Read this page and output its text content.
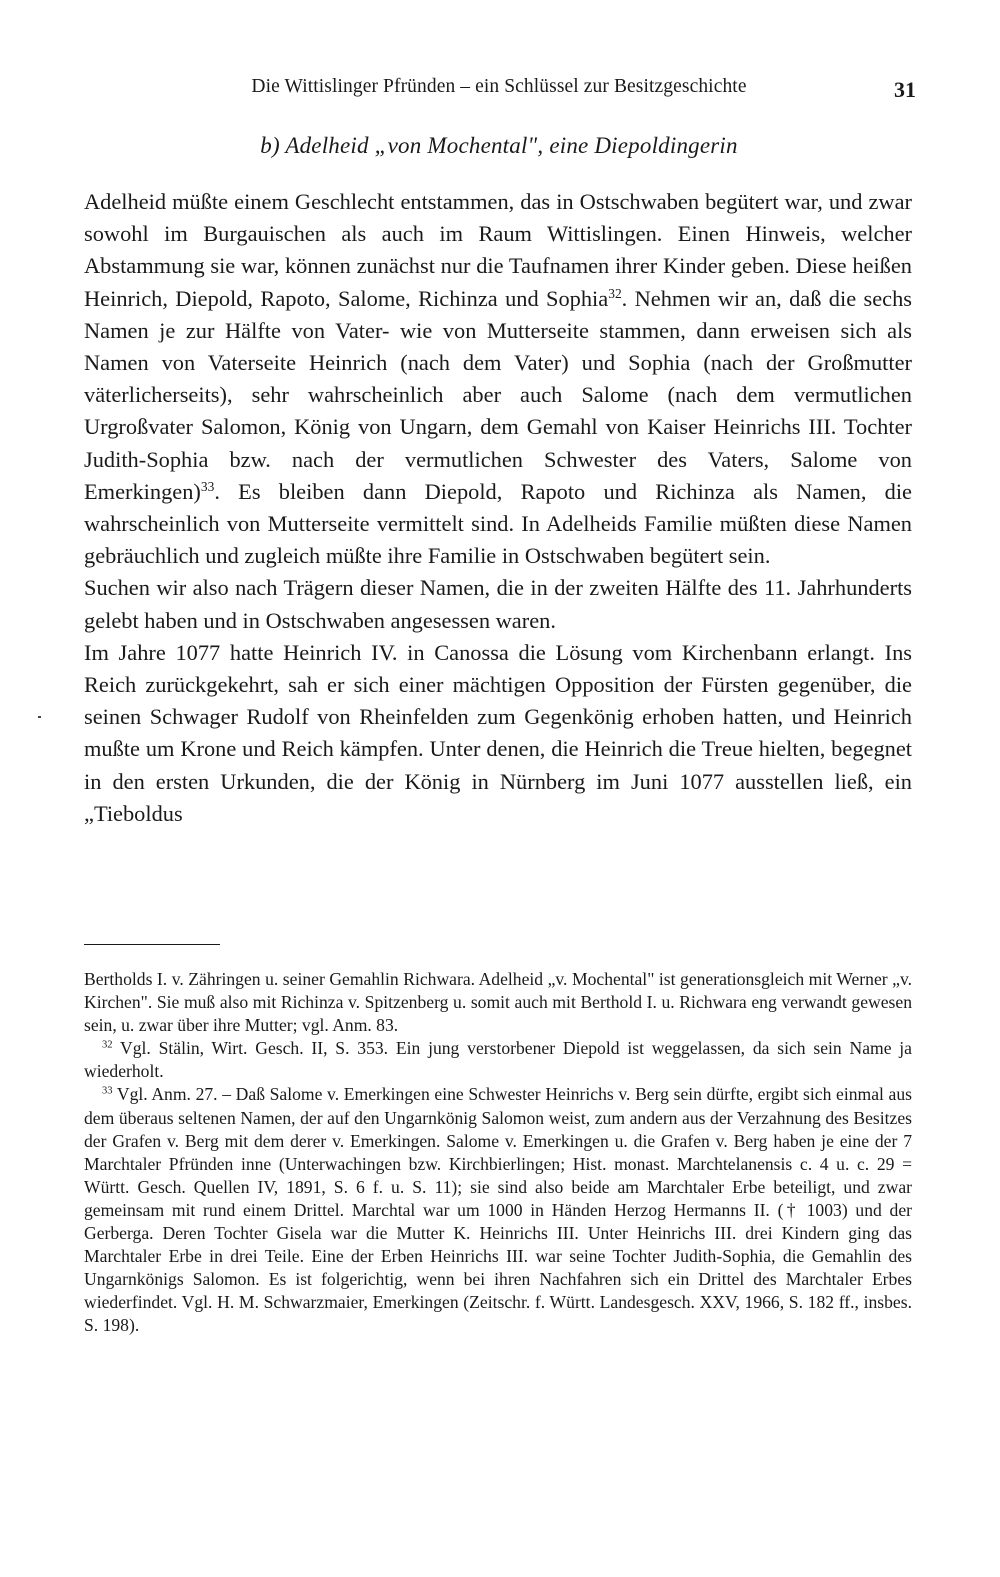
Die Wittislinger Pfründen – ein Schlüssel zur Besitzgeschichte	31
b) Adelheid „von Mochental", eine Diepoldingerin

Adelheid müßte einem Geschlecht entstammen, das in Ostschwaben begütert war, und zwar sowohl im Burgauischen als auch im Raum Wittislingen. Einen Hinweis, welcher Abstammung sie war, können zunächst nur die Taufnamen ihrer Kinder geben. Diese heißen Heinrich, Diepold, Rapoto, Salome, Richinza und Sophia$^{32}$. Nehmen wir an, daß die sechs Namen je zur Hälfte von Vater- wie von Mutterseite stammen, dann erweisen sich als Namen von Vaterseite Heinrich (nach dem Vater) und Sophia (nach der Großmutter väterlicherseits), sehr wahrscheinlich aber auch Salome (nach dem vermutlichen Urgroßvater Salomon, König von Ungarn, dem Gemahl von Kaiser Heinrichs III. Tochter Judith-Sophia bzw. nach der vermutlichen Schwester des Vaters, Salome von Emerkingen)$^{33}$. Es bleiben dann Diepold, Rapoto und Richinza als Namen, die wahrscheinlich von Mutterseite vermittelt sind. In Adelheids Familie müßten diese Namen gebräuchlich und zugleich müßte ihre Familie in Ostschwaben begütert sein.

Suchen wir also nach Trägern dieser Namen, die in der zweiten Hälfte des 11. Jahrhunderts gelebt haben und in Ostschwaben angesessen waren.

Im Jahre 1077 hatte Heinrich IV. in Canossa die Lösung vom Kirchenbann erlangt. Ins Reich zurückgekehrt, sah er sich einer mächtigen Opposition der Fürsten gegenüber, die seinen Schwager Rudolf von Rheinfelden zum Gegenkönig erhoben hatten, und Heinrich mußte um Krone und Reich kämpfen. Unter denen, die Heinrich die Treue hielten, begegnet in den ersten Urkunden, die der König in Nürnberg im Juni 1077 ausstellen ließ, ein „Tieboldus

Bertholds I. v. Zähringen u. seiner Gemahlin Richwara. Adelheid „v. Mochental" ist generationsgleich mit Werner „v. Kirchen". Sie muß also mit Richinza v. Spitzenberg u. somit auch mit Berthold I. u. Richwara eng verwandt gewesen sein, u. zwar über ihre Mutter; vgl. Anm. 83.

$^{32}$ Vgl. Stälin, Wirt. Gesch. II, S. 353. Ein jung verstorbener Diepold ist weggelassen, da sich sein Name ja wiederholt.

$^{33}$ Vgl. Anm. 27. – Daß Salome v. Emerkingen eine Schwester Heinrichs v. Berg sein dürfte, ergibt sich einmal aus dem überaus seltenen Namen, der auf den Ungarnkönig Salomon weist, zum andern aus der Verzahnung des Besitzes der Grafen v. Berg mit dem derer v. Emerkingen. Salome v. Emerkingen u. die Grafen v. Berg haben je eine der 7 Marchtaler Pfründen inne (Unterwachingen bzw. Kirchbierlingen; Hist. monast. Marchtelanensis c. 4 u. c. 29 = Württ. Gesch. Quellen IV, 1891, S. 6 f. u. S. 11); sie sind also beide am Marchtaler Erbe beteiligt, und zwar gemeinsam mit rund einem Drittel. Marchtal war um 1000 in Händen Herzog Hermanns II. († 1003) und der Gerberga. Deren Tochter Gisela war die Mutter K. Heinrichs III. Unter Heinrichs III. drei Kindern ging das Marchtaler Erbe in drei Teile. Eine der Erben Heinrichs III. war seine Tochter Judith-Sophia, die Gemahlin des Ungarnkönigs Salomon. Es ist folgerichtig, wenn bei ihren Nachfahren sich ein Drittel des Marchtaler Erbes wiederfindet. Vgl. H. M. Schwarzmaier, Emerkingen (Zeitschr. f. Württ. Landesgesch. XXV, 1966, S. 182 ff., insbes. S. 198).
